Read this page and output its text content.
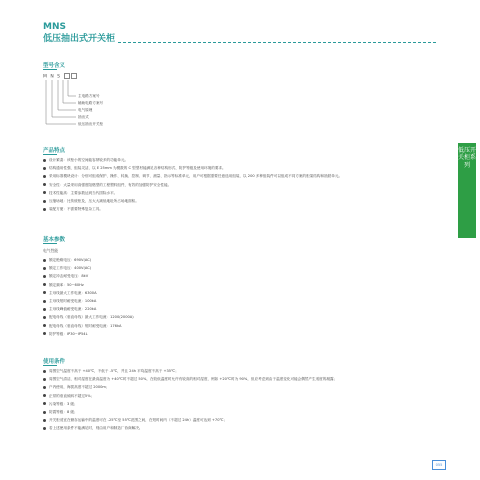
MNS
低压抽出式开关柜
型号含义
M N S
主电路方案号
辅助电路方案号
电气原理
抽出式
低压抽出开关柜
产品特点
设计紧凑：该柜小的空间能容纳较多的功能单元。
结构通用性强、组装灵活，以 E 25mm 为模数的 C 型型材能满足各种结构形式、防护等级及使用环境的要求。
采用标准模块设计：分别可组成保护、操作、转换、控制、调节、测量、指示等标准单元，用户可根据需要任意选用组装，以 200 多种组装件可以组成不同方案的柜架结构和抽屉单元。
安全性：大量采用高强度阻燃型的工程塑料组件，有效的加强防护安全性能。
技术性能高：主要参数达到当代国际水平。
压缩场地：比传统柜及，压大大减低地址所占场地面积。
装配方便：不需要特殊复杂工具。
基本参数
电气性能
额定绝缘电压：690V(AC)
额定工作电压：400V(AC)
额定冲击耐受电压：8kV
额定频率：50~60Hz
主母线最大工作电流：6300A
主母线短时耐受电流：100kA
主母线峰值耐受电流：220kA
配电母线（垂直母线）最大工作电流：1200(2000A)
配电母线（垂直母线）短时耐受电流：176kA
防护等级：IP30~IP54L
使用条件
周围空气温度不高于 +40℃，不低于 -5℃，并且 24h 平均温度不高于 +35℃；
周围空气清洁，相对湿度在最高温度为 +40℃时不超过 50%，在较低温度时允许有较高的相对湿度，例如 +20℃时为 90%，但应考虑到由于温度变化可能会偶然产生适度的凝露；
户内使用，海拔高度不超过 2000m；
正常的垂直倾斜不超过5%；
污染等级：3 级；
防震等级：8 级；
开关柜适宜在储存运输中的温度可在 -25℃至 55℃范围之间，在短时间内（不超过 24h）温度可达到 +70℃；
若上述使用条件不能满足时，则由用户和制造厂协商解决。
低压开关柜系列
055
